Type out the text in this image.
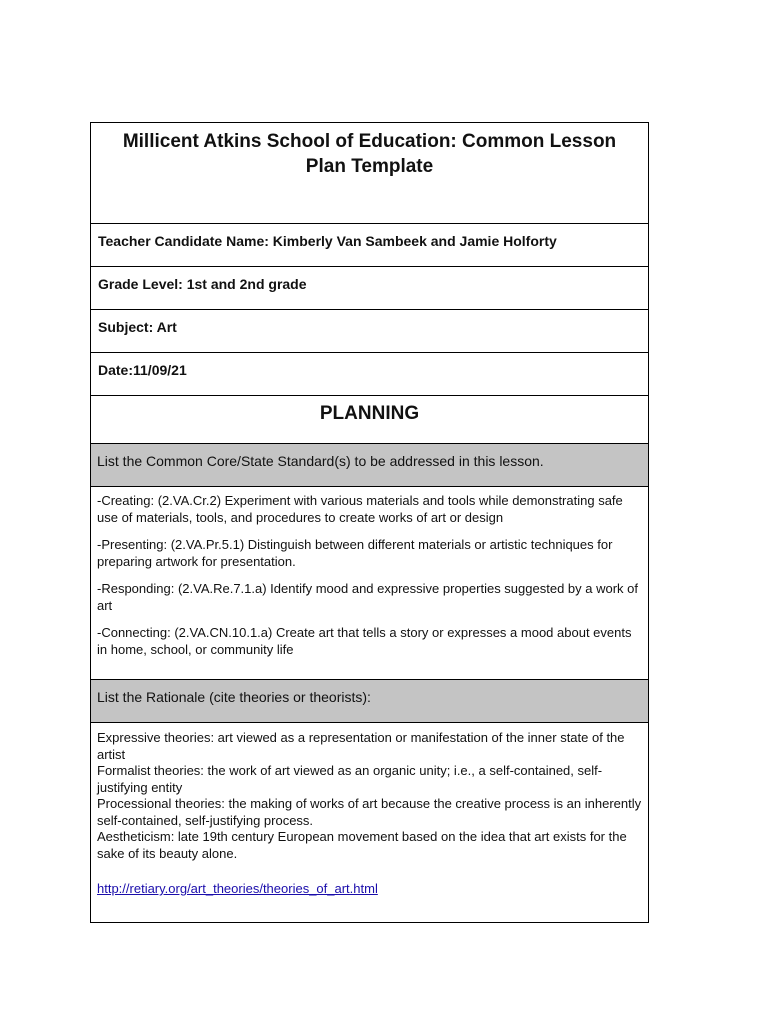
Millicent Atkins School of Education: Common Lesson Plan Template
Teacher Candidate Name: Kimberly Van Sambeek and Jamie Holforty
Grade Level: 1st and 2nd grade
Subject: Art
Date:11/09/21
PLANNING
List the Common Core/State Standard(s) to be addressed in this lesson.

-Creating: (2.VA.Cr.2) Experiment with various materials and tools while demonstrating safe use of materials, tools, and procedures to create works of art or design

-Presenting: (2.VA.Pr.5.1) Distinguish between different materials or artistic techniques for preparing artwork for presentation.

-Responding: (2.VA.Re.7.1.a) Identify mood and expressive properties suggested by a work of art

-Connecting: (2.VA.CN.10.1.a) Create art that tells a story or expresses a mood about events in home, school, or community life

List the Rationale (cite theories or theorists):
Expressive theories: art viewed as a representation or manifestation of the inner state of the artist
Formalist theories: the work of art viewed as an organic unity; i.e., a self-contained, self-justifying entity
Processional theories: the making of works of art because the creative process is an inherently self-contained, self-justifying process.
Aestheticism: late 19th century European movement based on the idea that art exists for the sake of its beauty alone.
http://retiary.org/art_theories/theories_of_art.html
